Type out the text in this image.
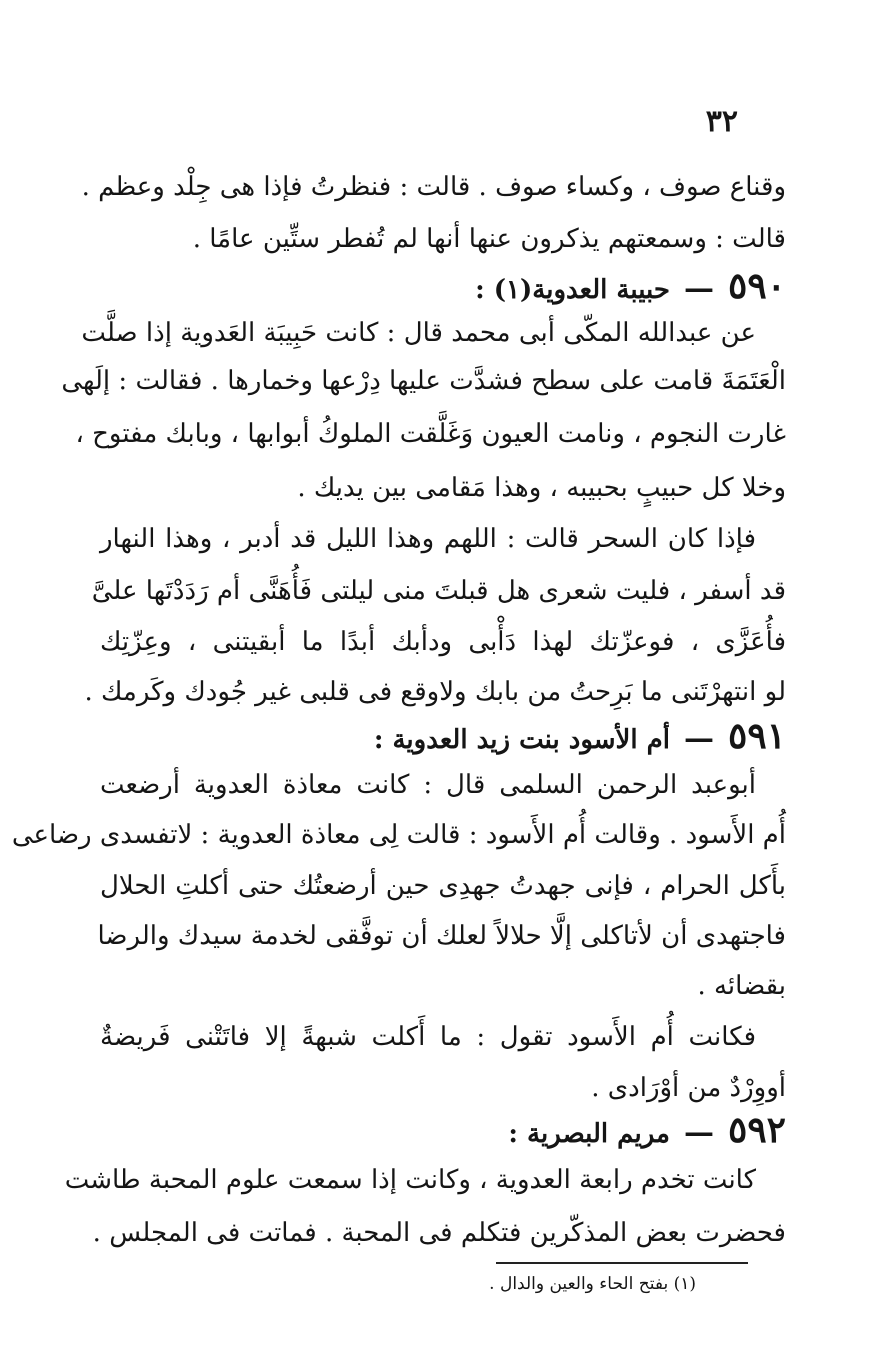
٣٢
وقناع صوف ، وكساء صوف . قالت : فنظرتُ فإذا هى جِلْد وعظم .
قالت : وسمعتهم يذكرون عنها أنها لم تُفطر ستِّين عامًا .
٥٩٠—حبيبة العدوية(١) :
عن عبدالله المكّى أبى محمد قال : كانت حَبِيبَة العَدوية إذا صلَّت
الْعَتَمَةَ قامت على سطح فشدَّت عليها دِرْعها وخمارها . فقالت : إلَهى
غارت النجوم ، ونامت العيون وَغَلَّقت الملوكُ أبوابها ، وبابك مفتوح ،
وخلا كل حبيبٍ بحبيبه ، وهذا مَقامى بين يديك .
فإذا كان السحر قالت : اللهم وهذا الليل قد أدبر ، وهذا النهار
قد أسفر ، فليت شعرى هل قبلتَ منى ليلتى فَأُهَنَّى أم رَدَدْتَها علىَّ
فأُعَزَّى ، فوعزّتك لهذا دَأْبى ودأبك أبدًا ما أبقيتنى ، وعِزّتِك
لو انتهرْتَنى ما بَرِحتُ من بابك ولاوقع فى قلبى غير جُودك وكَرمك .
٥٩١—أم الأسود بنت زيد العدوية :
أبوعبد الرحمن السلمى قال : كانت معاذة العدوية أرضعت
أُم الأَسود . وقالت أُم الأَسود : قالت لِى معاذة العدوية : لاتفسدى رضاعى
بأَكل الحرام ، فإنى جهدتُ جهدِى حين أرضعتُك حتى أكلتِ الحلال
فاجتهدى أن لأتاكلى إلَّا حلالاً لعلك أن توفَّقى لخدمة سيدك والرضا
بقضائه .
فكانت أُم الأَسود تقول : ما أَكلت شبهةً إلا فاتَتْنى فَريضةٌ
أووِرْدٌ من أوْرَادى .
٥٩٢—مريم البصرية :
كانت تخدم رابعة العدوية ، وكانت إذا سمعت علوم المحبة طاشت
فحضرت بعض المذكّرين فتكلم فى المحبة . فماتت فى المجلس .
(١) بفتح الحاء والعين والدال .
